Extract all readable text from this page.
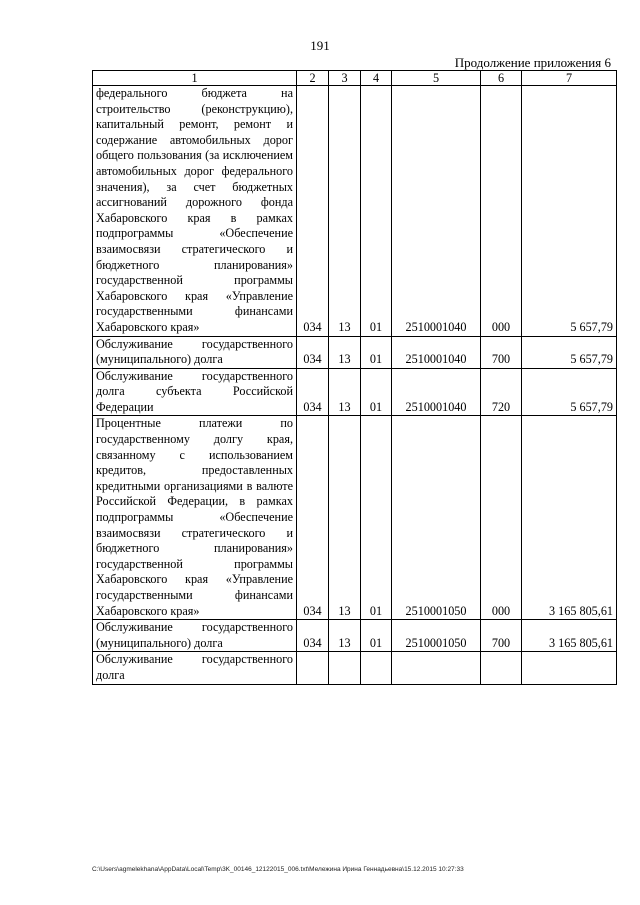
191
Продолжение приложения 6
1	2	3	4	5	6	7
федерального бюджета на строительство (реконструкцию), капитальный ремонт, ремонт и содержание автомобильных дорог общего пользования (за исключением автомобильных дорог федерального значения), за счет бюджетных ассигнований дорожного фонда Хабаровского края в рамках подпрограммы «Обеспечение взаимосвязи стратегического и бюджетного планирования» государственной программы Хабаровского края «Управление государственными финансами Хабаровского края»	034	13	01	2510001040	000	5 657,79
Обслуживание государственного (муниципального) долга	034	13	01	2510001040	700	5 657,79
Обслуживание государственного долга субъекта Российской Федерации	034	13	01	2510001040	720	5 657,79
Процентные платежи по государственному долгу края, связанному с использованием кредитов, предоставленных кредитными организациями в валюте Российской Федерации, в рамках подпрограммы «Обеспечение взаимосвязи стратегического и бюджетного планирования» государственной программы Хабаровского края «Управление государственными финансами Хабаровского края»	034	13	01	2510001050	000	3 165 805,61
Обслуживание государственного (муниципального) долга	034	13	01	2510001050	700	3 165 805,61
Обслуживание государственного долга						
C:\Users\agmelekhana\AppData\Local\Temp\3K_00146_12122015_006.txt\Мележина Ирина Геннадьевна\15.12.2015 10:27:33
